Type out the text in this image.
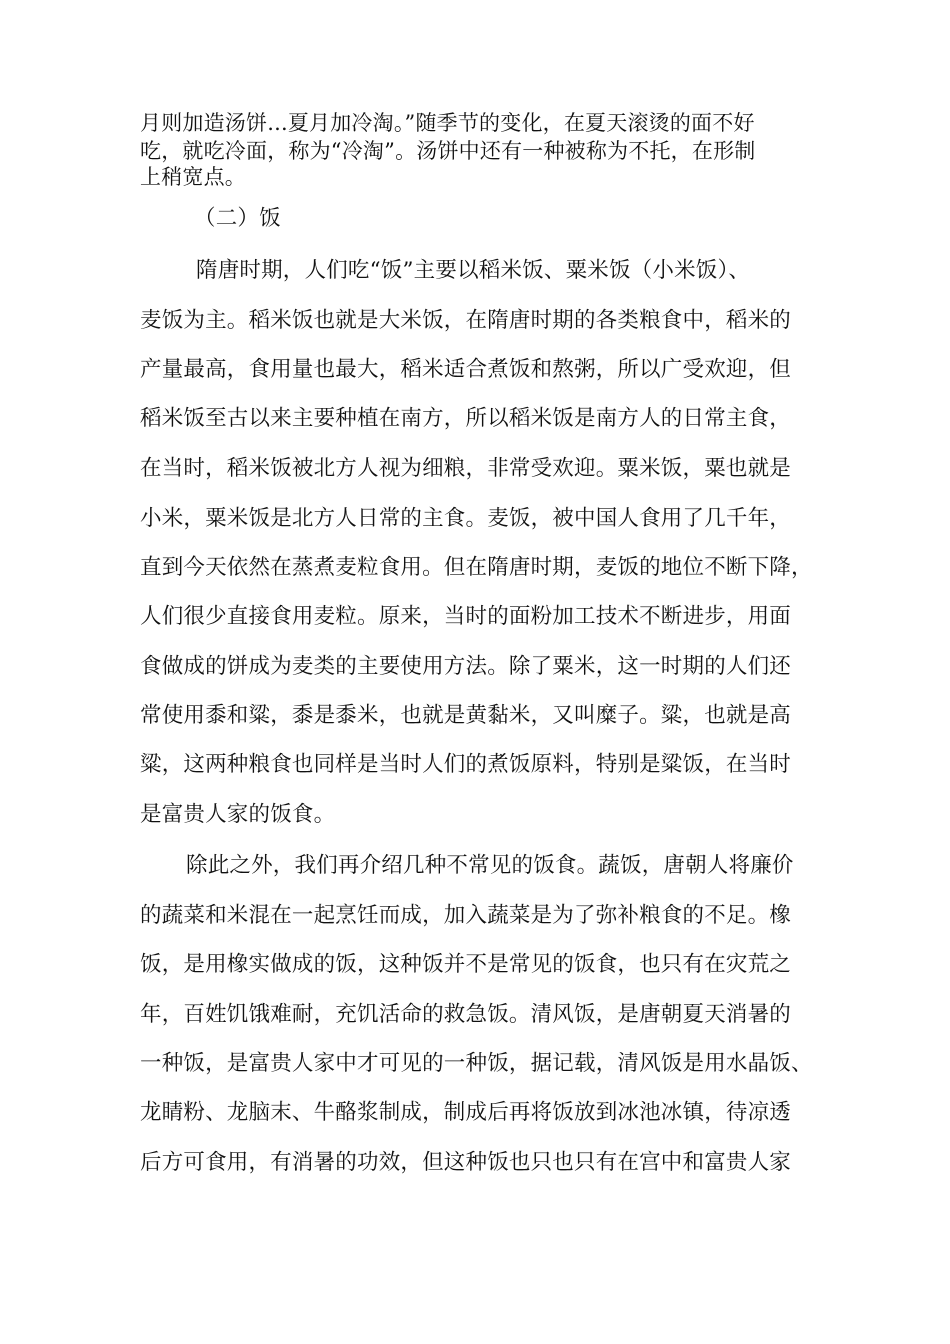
月则加造汤饼...夏月加冷淘。”随季节的变化，在夏天滚烫的面不好
吃，就吃冷面，称为“冷淘”。汤饼中还有一种被称为不托，在形制
上稍宽点。
（二）饭
隋唐时期，人们吃“饭”主要以稻米饭、粟米饭（小米饭）、
麦饭为主。稻米饭也就是大米饭，在隋唐时期的各类粮食中，稻米的
产量最高，食用量也最大，稻米适合煮饭和熬粥，所以广受欢迎，但
稻米饭至古以来主要种植在南方，所以稻米饭是南方人的日常主食，
在当时，稻米饭被北方人视为细粮，非常受欢迎。粟米饭，粟也就是
小米，粟米饭是北方人日常的主食。麦饭，被中国人食用了几千年，
直到今天依然在蒸煮麦粒食用。但在隋唐时期，麦饭的地位不断下降，
人们很少直接食用麦粒。原来，当时的面粉加工技术不断进步，用面
食做成的饼成为麦类的主要使用方法。除了粟米，这一时期的人们还
常使用黍和粱，黍是黍米，也就是黄黏米，又叫糜子。粱，也就是高
粱，这两种粮食也同样是当时人们的煮饭原料，特别是粱饭，在当时
是富贵人家的饭食。
除此之外，我们再介绍几种不常见的饭食。蔬饭，唐朝人将廉价
的蔬菜和米混在一起烹饪而成，加入蔬菜是为了弥补粮食的不足。橡
饭，是用橡实做成的饭，这种饭并不是常见的饭食，也只有在灾荒之
年，百姓饥饿难耐，充饥活命的救急饭。清风饭，是唐朝夏天消暑的
一种饭，是富贵人家中才可见的一种饭，据记载，清风饭是用水晶饭、
龙睛粉、龙脑末、牛酪浆制成，制成后再将饭放到冰池冰镇，待凉透
后方可食用，有消暑的功效，但这种饭也只也只有在宫中和富贵人家
